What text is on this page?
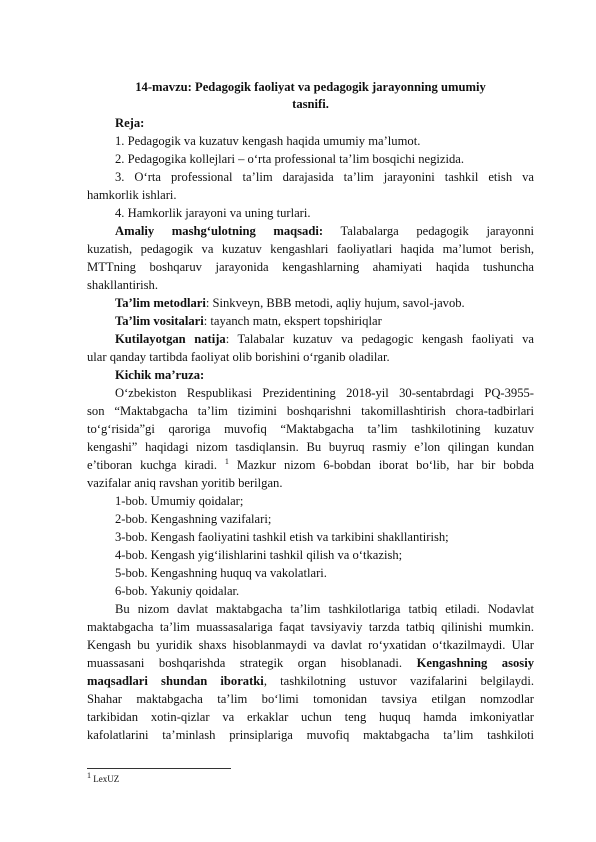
14-mavzu: Pedagogik faoliyat va pedagogik jarayonning umumiy
tasnifi.
Reja:
1. Pedagogik va kuzatuv kengash haqida umumiy ma’lumot.
2. Pedagogika kollejlari – o‘rta professional ta’lim bosqichi negizida.
3. O‘rta professional ta’lim darajasida ta’lim jarayonini tashkil etish va
hamkorlik ishlari.
4. Hamkorlik jarayoni va uning turlari.
Amaliy mashg‘ulotning maqsadi: Talabalarga pedagogik jarayonni
kuzatish, pedagogik va kuzatuv kengashlari faoliyatlari haqida ma’lumot berish,
MTTning boshqaruv jarayonida kengashlarning ahamiyati haqida tushuncha
shakllantirish.
Ta’lim metodlari: Sinkveyn, BBB metodi, aqliy hujum, savol-javob.
Ta’lim vositalari: tayanch matn, ekspert topshiriqlar
Kutilayotgan natija: Talabalar kuzatuv va pedagogic kengash faoliyati va
ular qanday tartibda faoliyat olib borishini o‘rganib oladilar.
Kichik ma’ruza:
O‘zbekiston Respublikasi Prezidentining 2018-yil 30-sentabrdagi PQ-3955-
son “Maktabgacha ta’lim tizimini boshqarishni takomillashtirish chora-tadbirlari
to‘g‘risida”gi qaroriga muvofiq “Maktabgacha ta’lim tashkilotining kuzatuv
kengashi” haqidagi nizom tasdiqlansin. Bu buyruq rasmiy e’lon qilingan kundan
e’tiboran kuchga kiradi. $^1$ Mazkur nizom 6-bobdan iborat bo‘lib, har bir bobda
vazifalar aniq ravshan yoritib berilgan.
1-bob. Umumiy qoidalar;
2-bob. Kengashning vazifalari;
3-bob. Kengash faoliyatini tashkil etish va tarkibini shakllantirish;
4-bob. Kengash yig‘ilishlarini tashkil qilish va o‘tkazish;
5-bob. Kengashning huquq va vakolatlari.
6-bob. Yakuniy qoidalar.
Bu nizom davlat maktabgacha ta’lim tashkilotlariga tatbiq etiladi. Nodavlat
maktabgacha ta’lim muassasalariga faqat tavsiyaviy tarzda tatbiq qilinishi mumkin.
Kengash bu yuridik shaxs hisoblanmaydi va davlat ro‘yxatidan o‘tkazilmaydi. Ular
muassasani boshqarishda strategik organ hisoblanadi. Kengashning asosiy
maqsadlari shundan iboratki, tashkilotning ustuvor vazifalarini belgilaydi.
Shahar maktabgacha ta’lim bo‘limi tomonidan tavsiya etilgan nomzodlar
tarkibidan xotin-qizlar va erkaklar uchun teng huquq hamda imkoniyatlar
kafolatlarini ta’minlash prinsiplariga muvofiq maktabgacha ta’lim tashkiloti
$^1$ LexUZ
